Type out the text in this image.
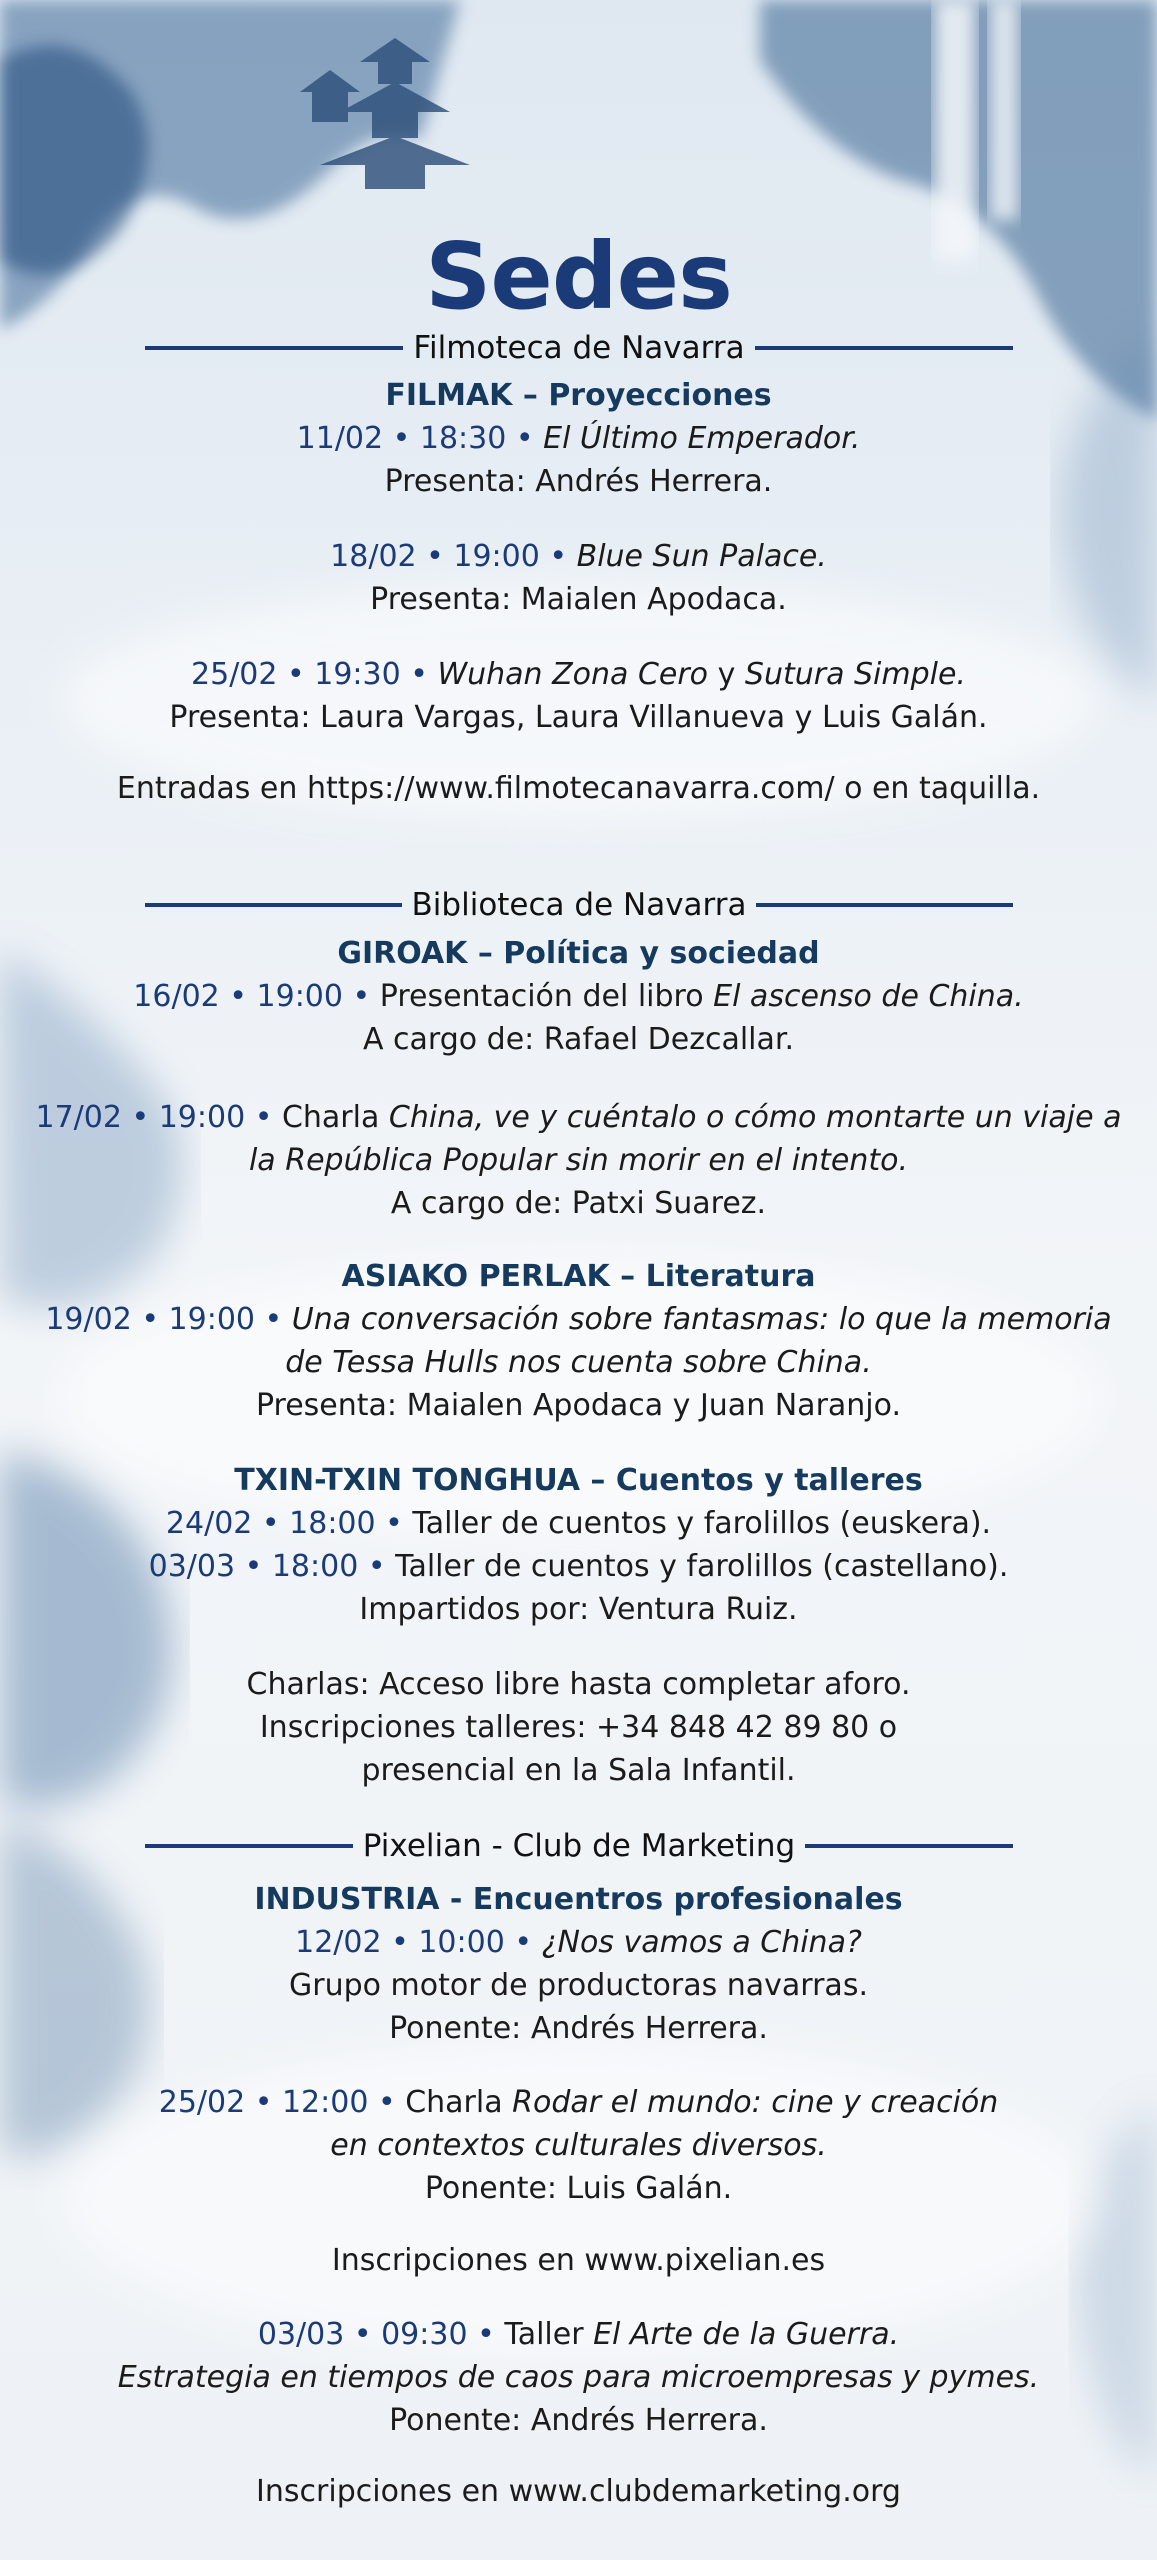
Sedes
Filmoteca de Navarra
FILMAK – Proyecciones
11/02 • 18:30 • El Último Emperador.
Presenta: Andrés Herrera.
18/02 • 19:00 • Blue Sun Palace.
Presenta: Maialen Apodaca.
25/02 • 19:30 • Wuhan Zona Cero y Sutura Simple.
Presenta: Laura Vargas, Laura Villanueva y Luis Galán.
Entradas en https://www.filmotecanavarra.com/ o en taquilla.
Biblioteca de Navarra
GIROAK – Política y sociedad
16/02 • 19:00 • Presentación del libro El ascenso de China.
A cargo de: Rafael Dezcallar.
17/02 • 19:00 • Charla China, ve y cuéntalo o cómo montarte un viaje a
la República Popular sin morir en el intento.
A cargo de: Patxi Suarez.
ASIAKO PERLAK – Literatura
19/02 • 19:00 • Una conversación sobre fantasmas: lo que la memoria
de Tessa Hulls nos cuenta sobre China.
Presenta: Maialen Apodaca y Juan Naranjo.
TXIN-TXIN TONGHUA – Cuentos y talleres
24/02 • 18:00 • Taller de cuentos y farolillos (euskera).
03/03 • 18:00 • Taller de cuentos y farolillos (castellano).
Impartidos por: Ventura Ruiz.
Charlas: Acceso libre hasta completar aforo.
Inscripciones talleres: +34 848 42 89 80 o
presencial en la Sala Infantil.
Pixelian - Club de Marketing
INDUSTRIA - Encuentros profesionales
12/02 • 10:00 • ¿Nos vamos a China?
Grupo motor de productoras navarras.
Ponente: Andrés Herrera.
25/02 • 12:00 • Charla Rodar el mundo: cine y creación
en contextos culturales diversos.
Ponente: Luis Galán.
Inscripciones en www.pixelian.es
03/03 • 09:30 • Taller El Arte de la Guerra.
Estrategia en tiempos de caos para microempresas y pymes.
Ponente: Andrés Herrera.
Inscripciones en www.clubdemarketing.org
